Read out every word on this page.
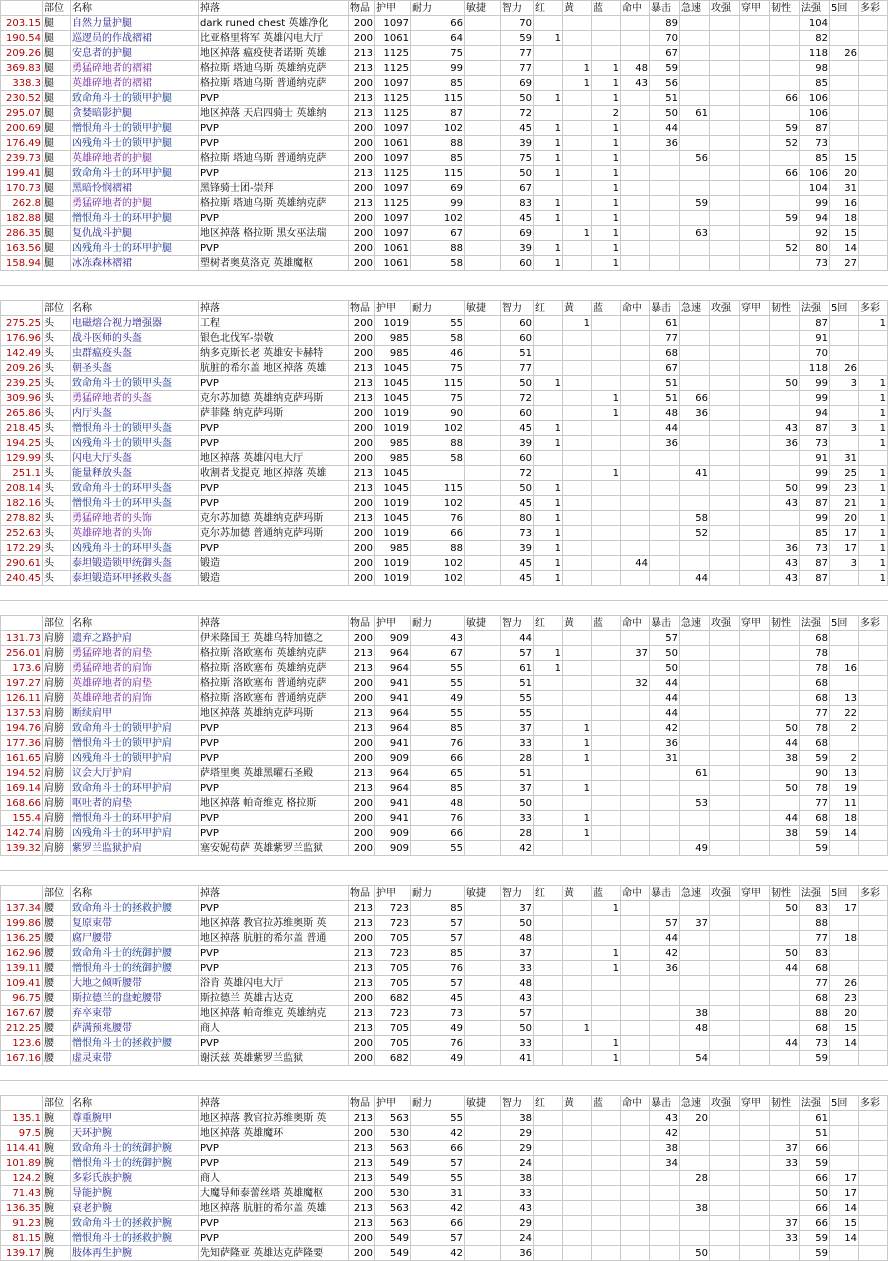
	部位	名称	掉落	物品	护甲	耐力	敏捷	智力	红	黄	蓝	命中	暴击	急速	攻强	穿甲	韧性	法强	5回	多彩
203.15	腿	自然力量护腿	dark runed chest 英雄净化	200	1097	66		70					89					104		
190.54	腿	巡逻员的作战褶裙	比亚格里将军 英雄闪电大厅	200	1061	64		59	1				70					82		
209.26	腿	安息者的护腿	地区掉落 瘟疫使者诺斯 英雄	213	1125	75		77					67					118	26	
369.83	腿	勇猛碎地者的褶裙	格拉斯 塔迪乌斯 英雄纳克萨	213	1125	99		77		1	1	48	59					98		
338.3	腿	英雄碎地者的褶裙	格拉斯 塔迪乌斯 普通纳克萨	200	1097	85		69		1	1	43	56					85		
230.52	腿	致命角斗士的锁甲护腿	PVP	213	1125	115		50	1		1		51				66	106		
295.07	腿	贪婪暗影护腿	地区掉落 天启四骑士 英雄纳	213	1125	87		72			2		50	61				106		
200.69	腿	憎恨角斗士的锁甲护腿	PVP	200	1097	102		45	1		1		44				59	87		
176.49	腿	凶残角斗士的锁甲护腿	PVP	200	1061	88		39	1		1		36				52	73		
239.73	腿	英雄碎地者的护腿	格拉斯 塔迪乌斯 普通纳克萨	200	1097	85		75	1		1			56				85	15	
199.41	腿	致命角斗士的环甲护腿	PVP	213	1125	115		50	1		1						66	106	20	
170.73	腿	黑暗怜悯褶裙	黑锋骑士团-崇拜	200	1097	69		67			1							104	31	
262.8	腿	勇猛碎地者的护腿	格拉斯 塔迪乌斯 英雄纳克萨	213	1125	99		83	1		1			59				99	16	
182.88	腿	憎恨角斗士的环甲护腿	PVP	200	1097	102		45	1		1						59	94	18	
286.35	腿	复仇战斗护腿	地区掉落 格拉斯 黑女巫法瑞	200	1097	67		69		1	1			63				92	15	
163.56	腿	凶残角斗士的环甲护腿	PVP	200	1061	88		39	1		1						52	80	14	
158.94	腿	冰冻森林褶裙	塑树者奥莫洛克 英雄魔枢	200	1061	58		60	1		1							73	27	

	部位	名称	掉落	物品	护甲	耐力	敏捷	智力	红	黄	蓝	命中	暴击	急速	攻强	穿甲	韧性	法强	5回	多彩
275.25	头	电磁熔合视力增强器	工程	200	1019	55		60		1			61					87		1
176.96	头	战斗医师的头盔	银色北伐军-崇敬	200	985	58		60					77					91		
142.49	头	虫群瘟疫头盔	纳多克斯长老 英雄安卡赫特	200	985	46		51					68					70		
209.26	头	朝圣头盔	肮脏的希尔盖 地区掉落 英雄	213	1045	75		77					67					118	26	
239.25	头	致命角斗士的锁甲头盔	PVP	213	1045	115		50	1				51				50	99	3	1
309.96	头	勇猛碎地者的头盔	克尔苏加德 英雄纳克萨玛斯	213	1045	75		72			1		51	66				99		1
265.86	头	内厅头盔	萨菲隆 纳克萨玛斯	200	1019	90		60			1		48	36				94		1
218.45	头	憎恨角斗士的锁甲头盔	PVP	200	1019	102		45	1				44				43	87	3	1
194.25	头	凶残角斗士的锁甲头盔	PVP	200	985	88		39	1				36				36	73		1
129.99	头	闪电大厅头盔	地区掉落 英雄闪电大厅	200	985	58		60										91	31	
251.1	头	能量释放头盔	收割者戈提克 地区掉落 英雄	213	1045			72			1			41				99	25	1
208.14	头	致命角斗士的环甲头盔	PVP	213	1045	115		50	1								50	99	23	1
182.16	头	憎恨角斗士的环甲头盔	PVP	200	1019	102		45	1								43	87	21	1
278.82	头	勇猛碎地者的头饰	克尔苏加德 英雄纳克萨玛斯	213	1045	76		80	1					58				99	20	1
252.63	头	英雄碎地者的头饰	克尔苏加德 普通纳克萨玛斯	200	1019	66		73	1					52				85	17	1
172.29	头	凶残角斗士的环甲头盔	PVP	200	985	88		39	1								36	73	17	1
290.61	头	泰坦锻造锁甲统御头盔	锻造	200	1019	102		45	1			44					43	87	3	1
240.45	头	泰坦锻造环甲拯救头盔	锻造	200	1019	102		45	1					44			43	87		1

	部位	名称	掉落	物品	护甲	耐力	敏捷	智力	红	黄	蓝	命中	暴击	急速	攻强	穿甲	韧性	法强	5回	多彩
131.73	肩膀	遗弃之路护肩	伊米隆国王 英雄乌特加德之	200	909	43		44					57					68		
256.01	肩膀	勇猛碎地者的肩垫	格拉斯 洛欧塞布 英雄纳克萨	213	964	67		57	1			37	50					78		
173.6	肩膀	勇猛碎地者的肩饰	格拉斯 洛欧塞布 英雄纳克萨	213	964	55		61	1				50					78	16	
197.27	肩膀	英雄碎地者的肩垫	格拉斯 洛欧塞布 普通纳克萨	200	941	55		51				32	44					68		
126.11	肩膀	英雄碎地者的肩饰	格拉斯 洛欧塞布 普通纳克萨	200	941	49		55					44					68	13	
137.53	肩膀	断续肩甲	地区掉落 英雄纳克萨玛斯	213	964	55		55					44					77	22	
194.76	肩膀	致命角斗士的锁甲护肩	PVP	213	964	85		37		1			42				50	78	2	
177.36	肩膀	憎恨角斗士的锁甲护肩	PVP	200	941	76		33		1			36				44	68		
161.65	肩膀	凶残角斗士的锁甲护肩	PVP	200	909	66		28		1			31				38	59	2	
194.52	肩膀	议会大厅护肩	萨塔里奥 英雄黑曜石圣殿	213	964	65		51						61				90	13	
169.14	肩膀	致命角斗士的环甲护肩	PVP	213	964	85		37		1							50	78	19	
168.66	肩膀	呕吐者的肩垫	地区掉落 帕奇维克 格拉斯	200	941	48		50						53				77	11	
155.4	肩膀	憎恨角斗士的环甲护肩	PVP	200	941	76		33		1							44	68	18	
142.74	肩膀	凶残角斗士的环甲护肩	PVP	200	909	66		28		1							38	59	14	
139.32	肩膀	紫罗兰监狱护肩	塞安妮苟萨 英雄紫罗兰监狱	200	909	55		42						49				59		

	部位	名称	掉落	物品	护甲	耐力	敏捷	智力	红	黄	蓝	命中	暴击	急速	攻强	穿甲	韧性	法强	5回	多彩
137.34	腰	致命角斗士的拯救护腰	PVP	213	723	85		37			1						50	83	17	
199.86	腰	复原束带	地区掉落 教官拉苏维奥斯 英	213	723	57		50					57	37				88		
136.25	腰	腐尸腰带	地区掉落 肮脏的希尔盖 普通	200	705	57		48					44					77	18	
162.96	腰	致命角斗士的统御护腰	PVP	213	723	85		37			1		42				50	83		
139.11	腰	憎恨角斗士的统御护腰	PVP	213	705	76		33			1		36				44	68		
109.41	腰	大地之倾听腰带	浴肯 英雄闪电大厅	213	705	57		48										77	26	
96.75	腰	斯拉德兰的盘蛇腰带	斯拉德兰 英雄古达克	200	682	45		43										68	23	
167.67	腰	弃卒束带	地区掉落 帕奇维克 英雄纳克	213	723	73		57						38				88	20	
212.25	腰	萨满预兆腰带	商人	213	705	49		50		1				48				68	15	
123.6	腰	憎恨角斗士的拯救护腰	PVP	200	705	76		33			1						44	73	14	
167.16	腰	虚灵束带	谢沃兹 英雄紫罗兰监狱	200	682	49		41			1			54				59		

	部位	名称	掉落	物品	护甲	耐力	敏捷	智力	红	黄	蓝	命中	暴击	急速	攻强	穿甲	韧性	法强	5回	多彩
135.1	腕	尊重腕甲	地区掉落 教官拉苏维奥斯 英	213	563	55		38					43	20				61		
97.5	腕	天环护腕	地区掉落 英雄魔环	200	530	42		29					42					51		
114.41	腕	致命角斗士的统御护腕	PVP	213	563	66		29					38				37	66		
101.89	腕	憎恨角斗士的统御护腕	PVP	213	549	57		24					34				33	59		
124.2	腕	多彩氏族护腕	商人	213	549	55		38						28				66	17	
71.43	腕	导能护腕	大魔导师泰蕾丝塔 英雄魔枢	200	530	31		33										50	17	
136.35	腕	衰老护腕	地区掉落 肮脏的希尔盖 英雄	213	563	42		43						38				66	14	
91.23	腕	致命角斗士的拯救护腕	PVP	213	563	66		29									37	66	15	
81.15	腕	憎恨角斗士的拯救护腕	PVP	200	549	57		24									33	59	14	
139.17	腕	肢体再生护腕	先知萨隆亚 英雄达克萨隆要	200	549	42		36						50				59		
